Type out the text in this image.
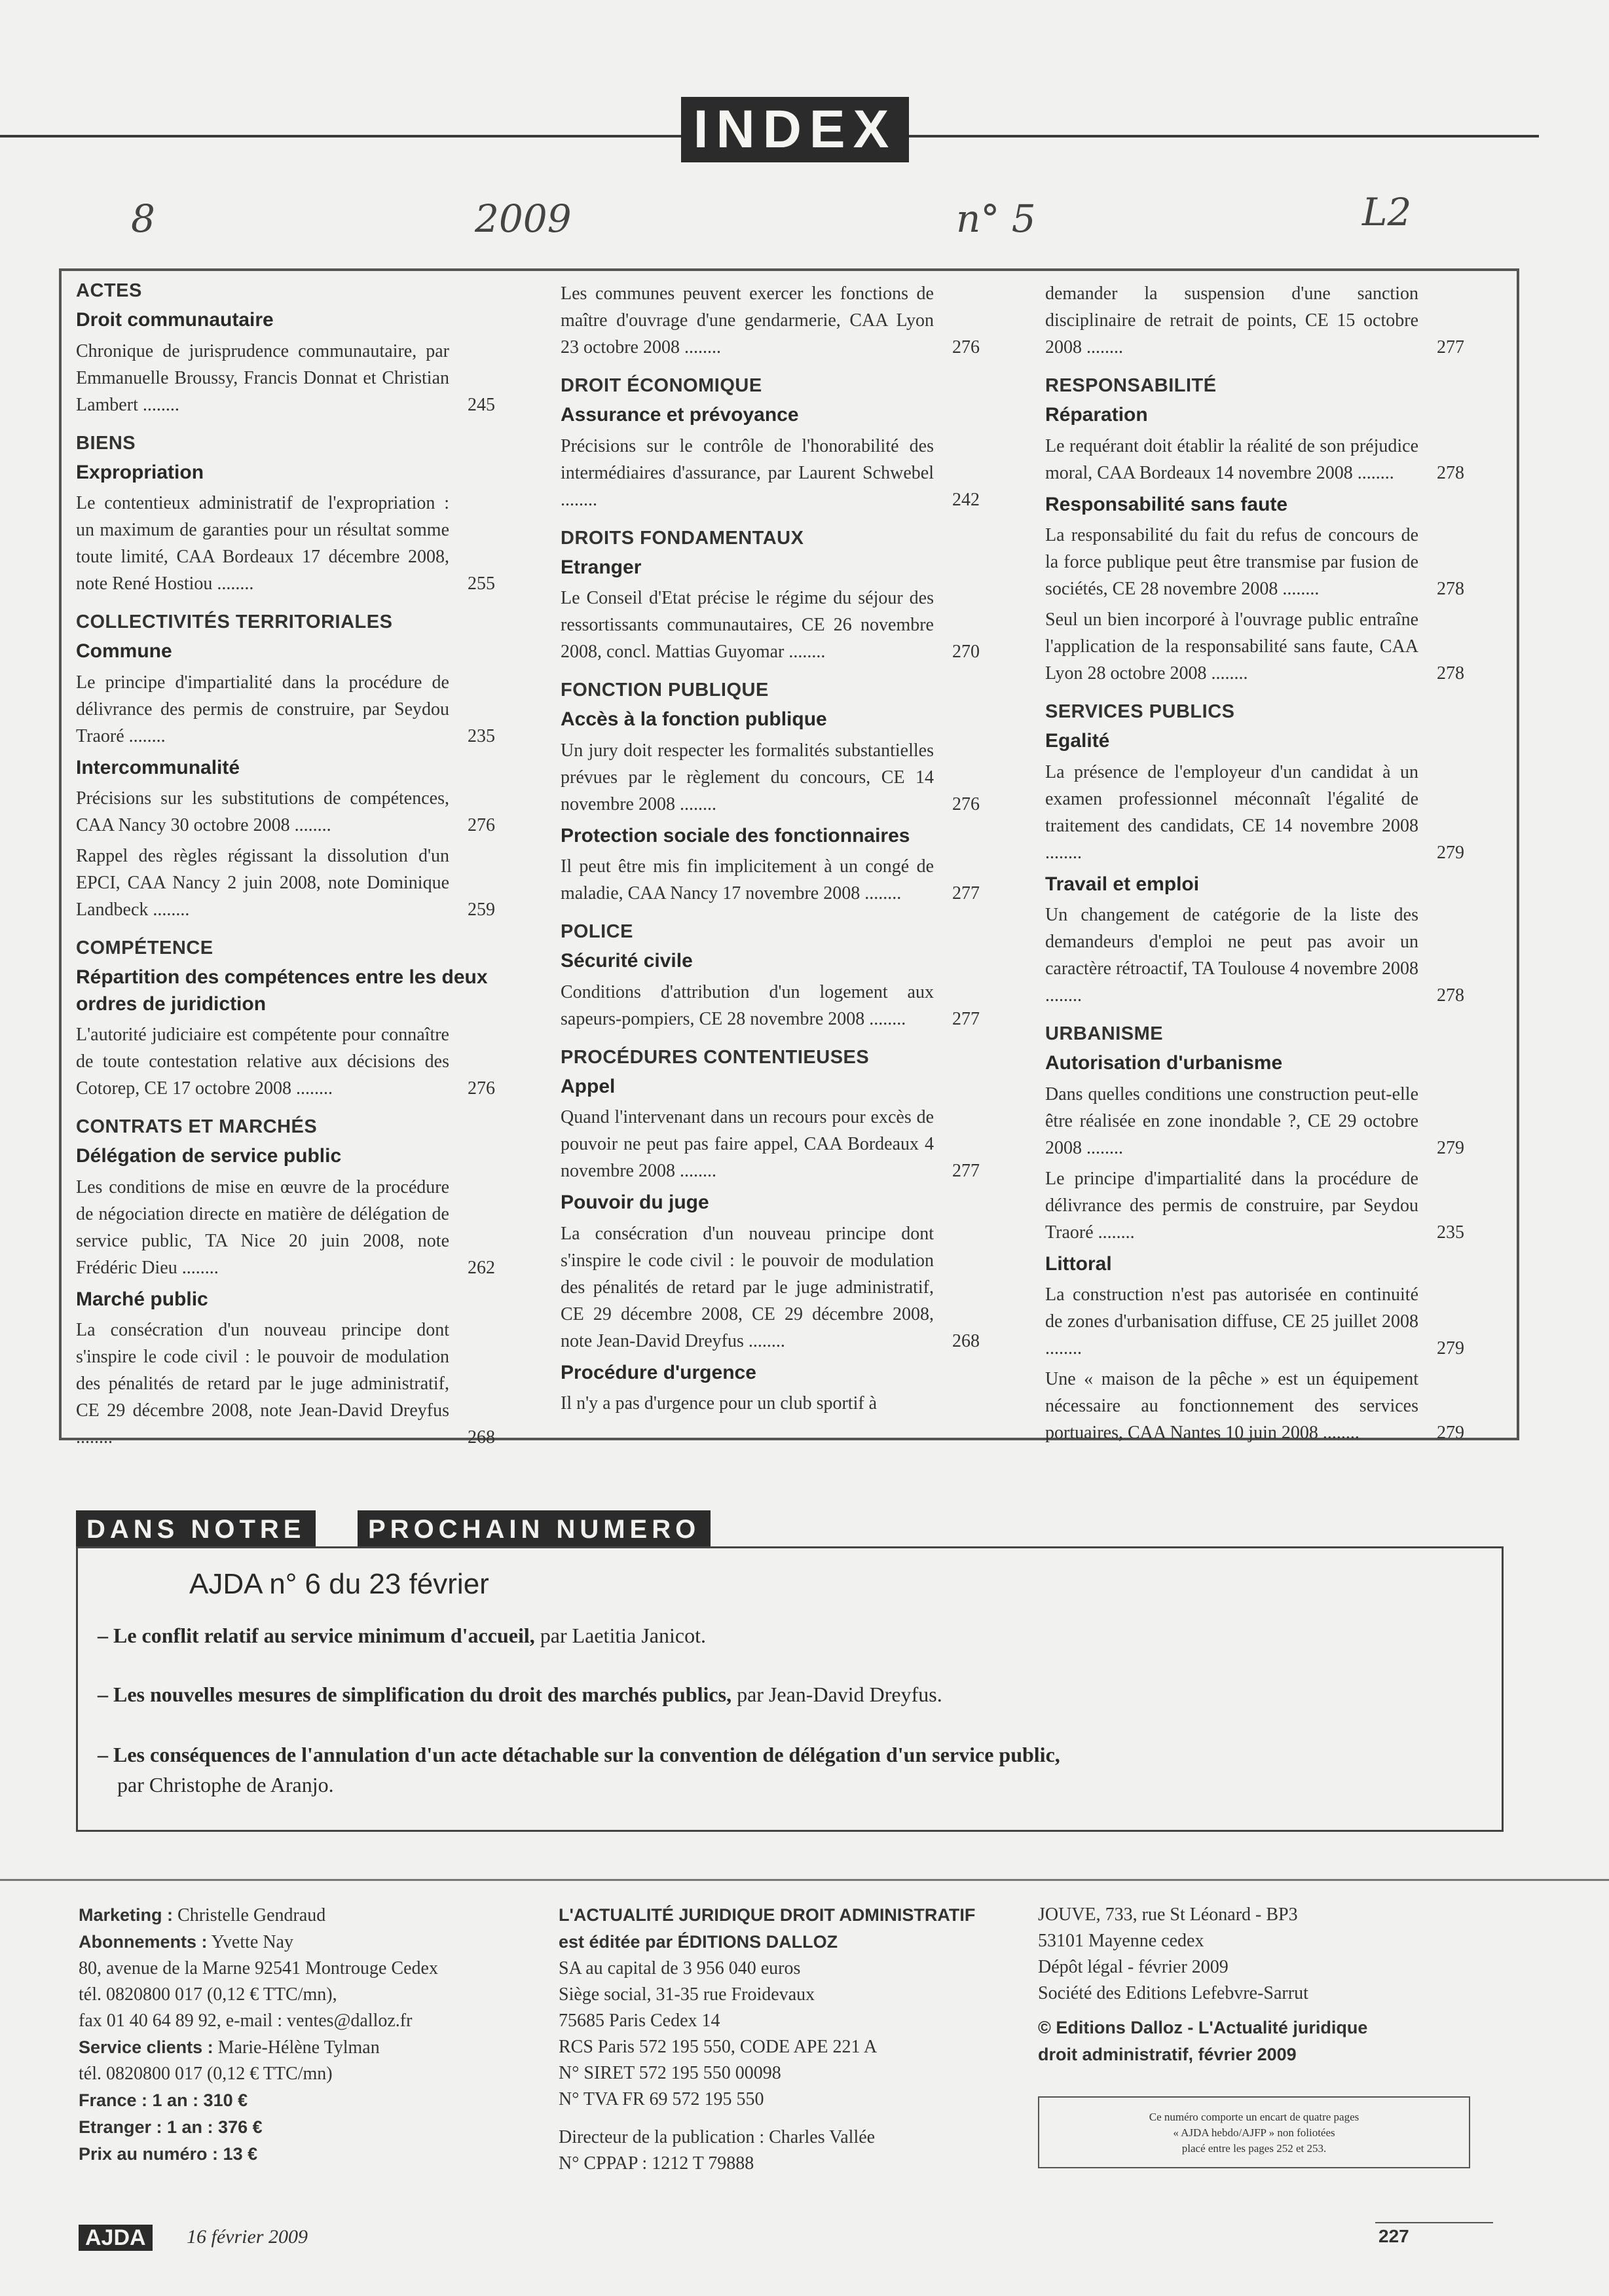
INDEX
8	2009	n° 5	L2
ACTES
Droit communautaire
Chronique de jurisprudence communautaire, par Emmanuelle Broussy, Francis Donnat et Christian Lambert ........	245
BIENS
Expropriation
Le contentieux administratif de l'expropriation : un maximum de garanties pour un résultat somme toute limité, CAA Bordeaux 17 décembre 2008, note René Hostiou ........	255
COLLECTIVITÉS TERRITORIALES
Commune
Le principe d'impartialité dans la procédure de délivrance des permis de construire, par Seydou Traoré ........	235
Intercommunalité
Précisions sur les substitutions de compétences, CAA Nancy 30 octobre 2008 ........	276
Rappel des règles régissant la dissolution d'un EPCI, CAA Nancy 2 juin 2008, note Dominique Landbeck ........	259
COMPÉTENCE
Répartition des compétences entre les deux ordres de juridiction
L'autorité judiciaire est compétente pour connaître de toute contestation relative aux décisions des Cotorep, CE 17 octobre 2008 ........	276
CONTRATS ET MARCHÉS
Délégation de service public
Les conditions de mise en œuvre de la procédure de négociation directe en matière de délégation de service public, TA Nice 20 juin 2008, note Frédéric Dieu ........	262
Marché public
La consécration d'un nouveau principe dont s'inspire le code civil : le pouvoir de modulation des pénalités de retard par le juge administratif, CE 29 décembre 2008, note Jean-David Dreyfus ........	268
Les communes peuvent exercer les fonctions de maître d'ouvrage d'une gendarmerie, CAA Lyon 23 octobre 2008 ........	276
DROIT ÉCONOMIQUE
Assurance et prévoyance
Précisions sur le contrôle de l'honorabilité des intermédiaires d'assurance, par Laurent Schwebel ........	242
DROITS FONDAMENTAUX
Etranger
Le Conseil d'Etat précise le régime du séjour des ressortissants communautaires, CE 26 novembre 2008, concl. Mattias Guyomar ........	270
FONCTION PUBLIQUE
Accès à la fonction publique
Un jury doit respecter les formalités substantielles prévues par le règlement du concours, CE 14 novembre 2008 ........	276
Protection sociale des fonctionnaires
Il peut être mis fin implicitement à un congé de maladie, CAA Nancy 17 novembre 2008 ........	277
POLICE
Sécurité civile
Conditions d'attribution d'un logement aux sapeurs-pompiers, CE 28 novembre 2008 ........	277
PROCÉDURES CONTENTIEUSES
Appel
Quand l'intervenant dans un recours pour excès de pouvoir ne peut pas faire appel, CAA Bordeaux 4 novembre 2008 ........	277
Pouvoir du juge
La consécration d'un nouveau principe dont s'inspire le code civil : le pouvoir de modulation des pénalités de retard par le juge administratif, CE 29 décembre 2008, CE 29 décembre 2008, note Jean-David Dreyfus ........	268
Procédure d'urgence
Il n'y a pas d'urgence pour un club sportif à
demander la suspension d'une sanction disciplinaire de retrait de points, CE 15 octobre 2008 ........	277
RESPONSABILITÉ
Réparation
Le requérant doit établir la réalité de son préjudice moral, CAA Bordeaux 14 novembre 2008 ........ 278
Responsabilité sans faute
La responsabilité du fait du refus de concours de la force publique peut être transmise par fusion de sociétés, CE 28 novembre 2008 ........	278
Seul un bien incorporé à l'ouvrage public entraîne l'application de la responsabilité sans faute, CAA Lyon 28 octobre 2008 ........	278
SERVICES PUBLICS
Egalité
La présence de l'employeur d'un candidat à un examen professionnel méconnaît l'égalité de traitement des candidats, CE 14 novembre 2008 ........	279
Travail et emploi
Un changement de catégorie de la liste des demandeurs d'emploi ne peut pas avoir un caractère rétroactif, TA Toulouse 4 novembre 2008 ........	278
URBANISME
Autorisation d'urbanisme
Dans quelles conditions une construction peut-elle être réalisée en zone inondable ?, CE 29 octobre 2008 ........	279
Le principe d'impartialité dans la procédure de délivrance des permis de construire, par Seydou Traoré ........	235
Littoral
La construction n'est pas autorisée en continuité de zones d'urbanisation diffuse, CE 25 juillet 2008 ........	279
Une « maison de la pêche » est un équipement nécessaire au fonctionnement des services portuaires, CAA Nantes 10 juin 2008 ........	279
DANS NOTRE	PROCHAIN NUMERO
AJDA n° 6 du 23 février
– Le conflit relatif au service minimum d'accueil, par Laetitia Janicot.
– Les nouvelles mesures de simplification du droit des marchés publics, par Jean-David Dreyfus.
– Les conséquences de l'annulation d'un acte détachable sur la convention de délégation d'un service public,
par Christophe de Aranjo.
Marketing : Christelle Gendraud
Abonnements : Yvette Nay
80, avenue de la Marne 92541 Montrouge Cedex
tél. 0820800 017 (0,12 € TTC/mn),
fax 01 40 64 89 92, e-mail : ventes@dalloz.fr
Service clients : Marie-Hélène Tylman
tél. 0820800 017 (0,12 € TTC/mn)
France : 1 an : 310 €
Etranger : 1 an : 376 €
Prix au numéro : 13 €
L'ACTUALITÉ JURIDIQUE DROIT ADMINISTRATIF
est éditée par ÉDITIONS DALLOZ
SA au capital de 3 956 040 euros
Siège social, 31-35 rue Froidevaux
75685 Paris Cedex 14
RCS Paris 572 195 550, CODE APE 221 A
N° SIRET 572 195 550 00098
N° TVA FR 69 572 195 550
Directeur de la publication : Charles Vallée
N° CPPAP : 1212 T 79888
JOUVE, 733, rue St Léonard - BP3
53101 Mayenne cedex
Dépôt légal - février 2009
Société des Editions Lefebvre-Sarrut
© Editions Dalloz - L'Actualité juridique
droit administratif, février 2009
Ce numéro comporte un encart de quatre pages
« AJDA hebdo/AJFP » non foliotées
placé entre les pages 252 et 253.
AJDA	16 février 2009	227
